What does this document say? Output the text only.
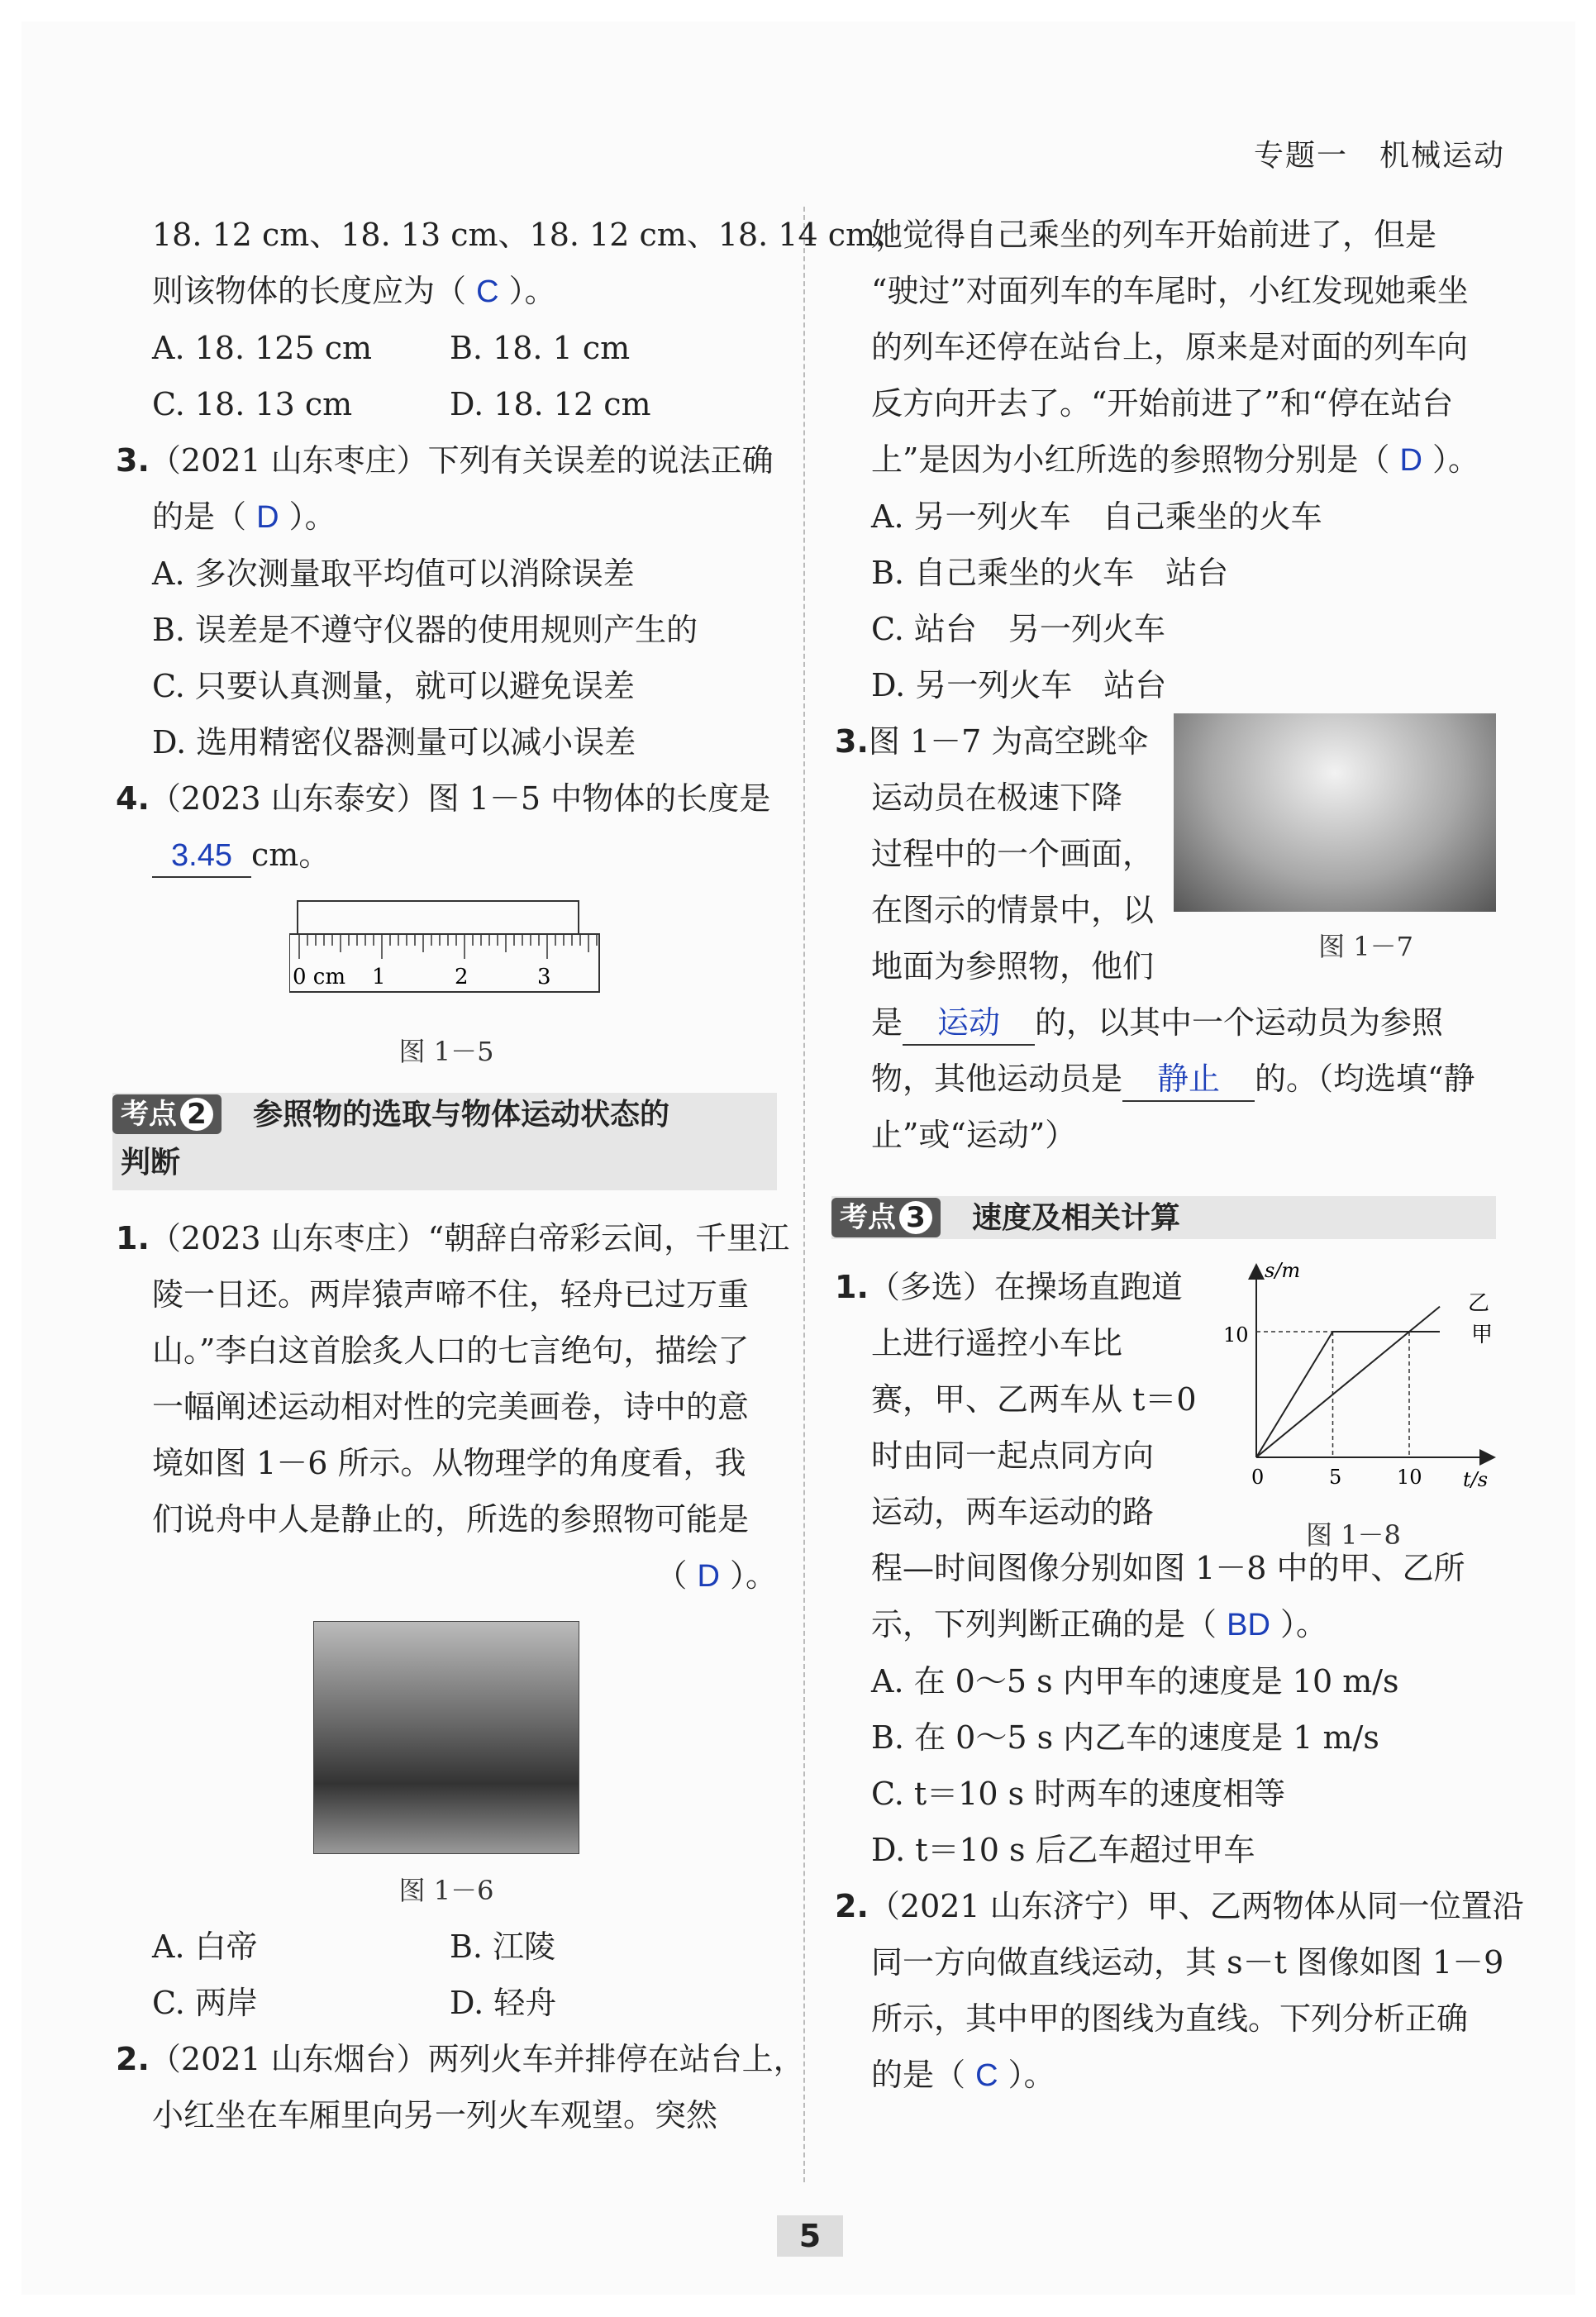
专题一　机械运动
18. 12 cm、18. 13 cm、18. 12 cm、18. 14 cm，
则该物体的长度应为（ C ）。
A. 18. 125 cm	B. 18. 1 cm
C. 18. 13 cm	D. 18. 12 cm
3.（2021 山东枣庄）下列有关误差的说法正确
的是（ D ）。
A. 多次测量取平均值可以消除误差
B. 误差是不遵守仪器的使用规则产生的
C. 只要认真测量，就可以避免误差
D. 选用精密仪器测量可以减小误差
4.（2023 山东泰安）图 1－5 中物体的长度是
3.45 cm。
0 cm 1	2	3
图 1－5
考点 2	参照物的选取与物体运动状态的
判断
1.（2023 山东枣庄）“朝辞白帝彩云间，千里江
陵一日还。两岸猿声啼不住，轻舟已过万重
山。”李白这首脍炙人口的七言绝句，描绘了
一幅阐述运动相对性的完美画卷，诗中的意
境如图 1－6 所示。从物理学的角度看，我
们说舟中人是静止的，所选的参照物可能是
（ D ）。
图 1－6
A. 白帝	B. 江陵
C. 两岸	D. 轻舟
2.（2021 山东烟台）两列火车并排停在站台上，
小红坐在车厢里向另一列火车观望。突然
她觉得自己乘坐的列车开始前进了，但是
“驶过”对面列车的车尾时，小红发现她乘坐
的列车还停在站台上，原来是对面的列车向
反方向开去了。“开始前进了”和“停在站台
上”是因为小红所选的参照物分别是（ D ）。
A. 另一列火车　自己乘坐的火车
B. 自己乘坐的火车　站台
C. 站台　另一列火车
D. 另一列火车　站台
图 1－7
3.图 1－7 为高空跳伞
运动员在极速下降
过程中的一个画面，
在图示的情景中，以
地面为参照物，他们
是 运动 的，以其中一个运动员为参照
物，其他运动员是 静止 的。（均选填“静
止”或“运动”）
考点 3	速度及相关计算
s/m
t/s
10
0	5	10
甲
乙
图 1－8
1.（多选）在操场直跑道
上进行遥控小车比
赛，甲、乙两车从 t＝0
时由同一起点同方向
运动，两车运动的路
程—时间图像分别如图 1－8 中的甲、乙所
示，下列判断正确的是（ BD ）。
A. 在 0～5 s 内甲车的速度是 10 m/s
B. 在 0～5 s 内乙车的速度是 1 m/s
C. t＝10 s 时两车的速度相等
D. t＝10 s 后乙车超过甲车
2.（2021 山东济宁）甲、乙两物体从同一位置沿
同一方向做直线运动，其 s－t 图像如图 1－9
所示，其中甲的图线为直线。下列分析正确
的是（ C ）。
5
